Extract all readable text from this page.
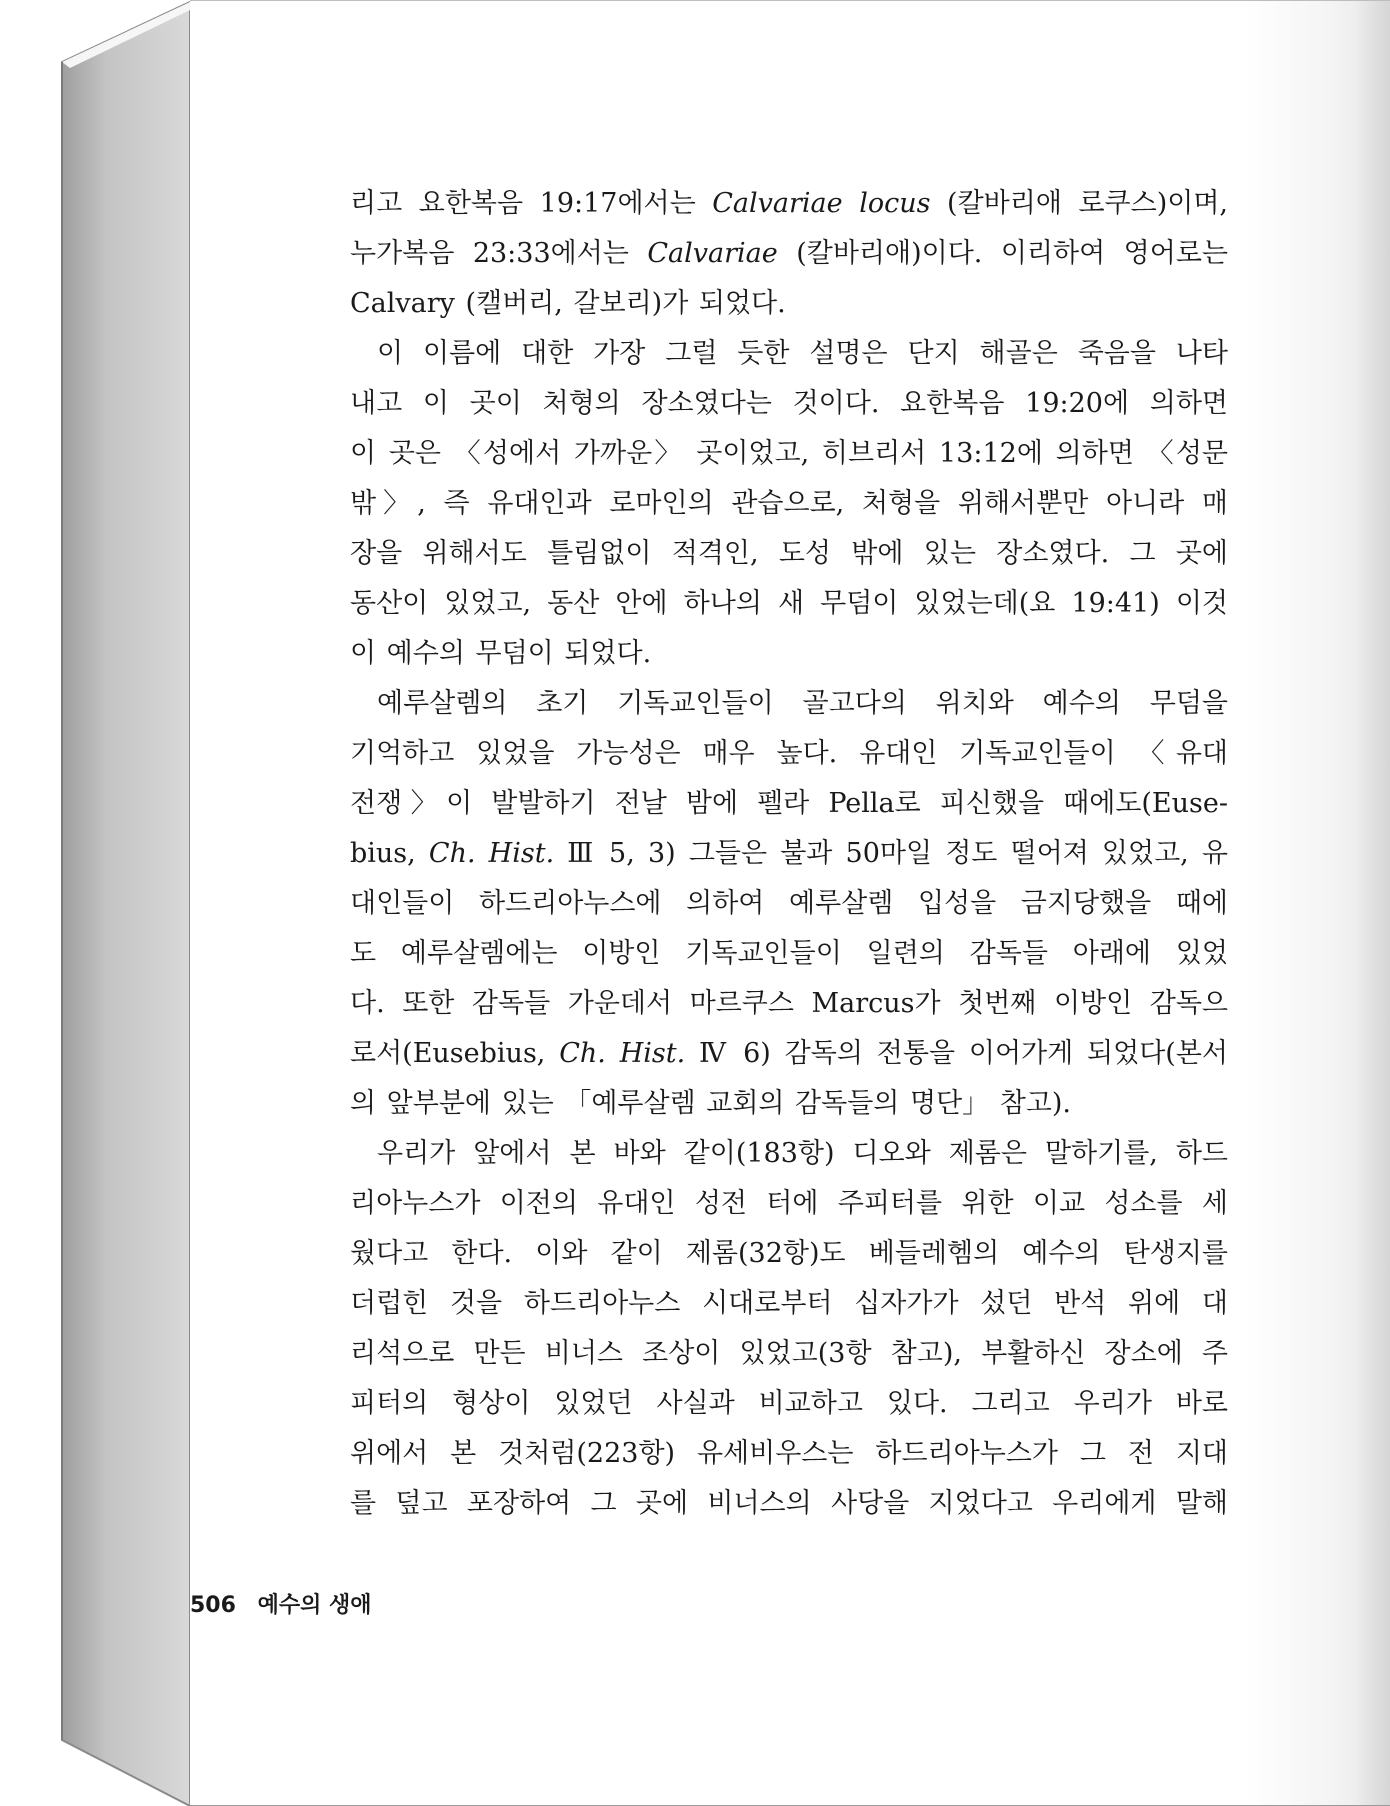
리고 요한복음 19:17에서는 Calvariae locus (칼바리애 로쿠스)이며,
누가복음 23:33에서는 Calvariae (칼바리애)이다. 이리하여 영어로는
Calvary (캘버리, 갈보리)가 되었다.
이 이름에 대한 가장 그럴 듯한 설명은 단지 해골은 죽음을 나타
내고 이 곳이 처형의 장소였다는 것이다. 요한복음 19:20에 의하면
이 곳은 〈성에서 가까운〉 곳이었고, 히브리서 13:12에 의하면 〈성문
밖〉, 즉 유대인과 로마인의 관습으로, 처형을 위해서뿐만 아니라 매
장을 위해서도 틀림없이 적격인, 도성 밖에 있는 장소였다. 그 곳에
동산이 있었고, 동산 안에 하나의 새 무덤이 있었는데(요 19:41) 이것
이 예수의 무덤이 되었다.
예루살렘의 초기 기독교인들이 골고다의 위치와 예수의 무덤을
기억하고 있었을 가능성은 매우 높다. 유대인 기독교인들이 〈유대
전쟁〉이 발발하기 전날 밤에 펠라 Pella로 피신했을 때에도(Euse-
bius, Ch. Hist. Ⅲ 5, 3) 그들은 불과 50마일 정도 떨어져 있었고, 유
대인들이 하드리아누스에 의하여 예루살렘 입성을 금지당했을 때에
도 예루살렘에는 이방인 기독교인들이 일련의 감독들 아래에 있었
다. 또한 감독들 가운데서 마르쿠스 Marcus가 첫번째 이방인 감독으
로서(Eusebius, Ch. Hist. Ⅳ 6) 감독의 전통을 이어가게 되었다(본서
의 앞부분에 있는 「예루살렘 교회의 감독들의 명단」 참고).
우리가 앞에서 본 바와 같이(183항) 디오와 제롬은 말하기를, 하드
리아누스가 이전의 유대인 성전 터에 주피터를 위한 이교 성소를 세
웠다고 한다. 이와 같이 제롬(32항)도 베들레헴의 예수의 탄생지를
더럽힌 것을 하드리아누스 시대로부터 십자가가 섰던 반석 위에 대
리석으로 만든 비너스 조상이 있었고(3항 참고), 부활하신 장소에 주
피터의 형상이 있었던 사실과 비교하고 있다. 그리고 우리가 바로
위에서 본 것처럼(223항) 유세비우스는 하드리아누스가 그 전 지대
를 덮고 포장하여 그 곳에 비너스의 사당을 지었다고 우리에게 말해
506 예수의 생애
